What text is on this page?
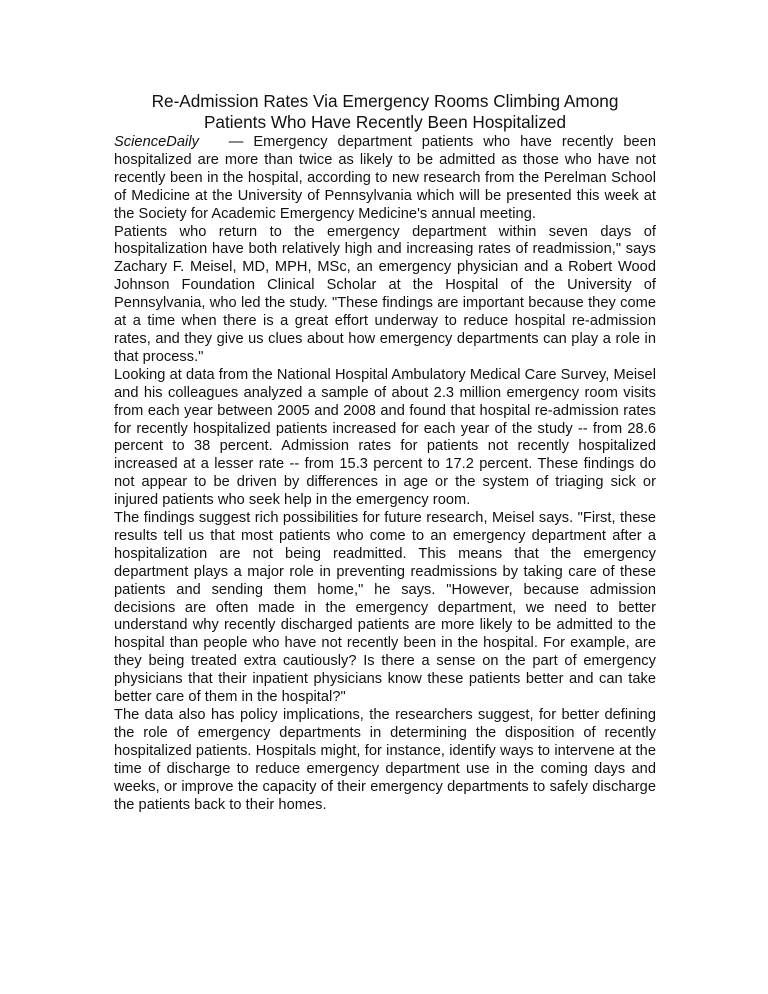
Re-Admission Rates Via Emergency Rooms Climbing Among
Patients Who Have Recently Been Hospitalized

ScienceDaily — Emergency department patients who have recently been hospitalized are more than twice as likely to be admitted as those who have not recently been in the hospital, according to new research from the Perelman School of Medicine at the University of Pennsylvania which will be presented this week at the Society for Academic Emergency Medicine's annual meeting.

Patients who return to the emergency department within seven days of hospitalization have both relatively high and increasing rates of readmission," says Zachary F. Meisel, MD, MPH, MSc, an emergency physician and a Robert Wood Johnson Foundation Clinical Scholar at the Hospital of the University of Pennsylvania, who led the study. "These findings are important because they come at a time when there is a great effort underway to reduce hospital re-admission rates, and they give us clues about how emergency departments can play a role in that process."

Looking at data from the National Hospital Ambulatory Medical Care Survey, Meisel and his colleagues analyzed a sample of about 2.3 million emergency room visits from each year between 2005 and 2008 and found that hospital re-admission rates for recently hospitalized patients increased for each year of the study -- from 28.6 percent to 38 percent. Admission rates for patients not recently hospitalized increased at a lesser rate -- from 15.3 percent to 17.2 percent. These findings do not appear to be driven by differences in age or the system of triaging sick or injured patients who seek help in the emergency room.

The findings suggest rich possibilities for future research, Meisel says. "First, these results tell us that most patients who come to an emergency department after a hospitalization are not being readmitted. This means that the emergency department plays a major role in preventing readmissions by taking care of these patients and sending them home," he says. "However, because admission decisions are often made in the emergency department, we need to better understand why recently discharged patients are more likely to be admitted to the hospital than people who have not recently been in the hospital. For example, are they being treated extra cautiously? Is there a sense on the part of emergency physicians that their inpatient physicians know these patients better and can take better care of them in the hospital?"

The data also has policy implications, the researchers suggest, for better defining the role of emergency departments in determining the disposition of recently hospitalized patients. Hospitals might, for instance, identify ways to intervene at the time of discharge to reduce emergency department use in the coming days and weeks, or improve the capacity of their emergency departments to safely discharge the patients back to their homes.
